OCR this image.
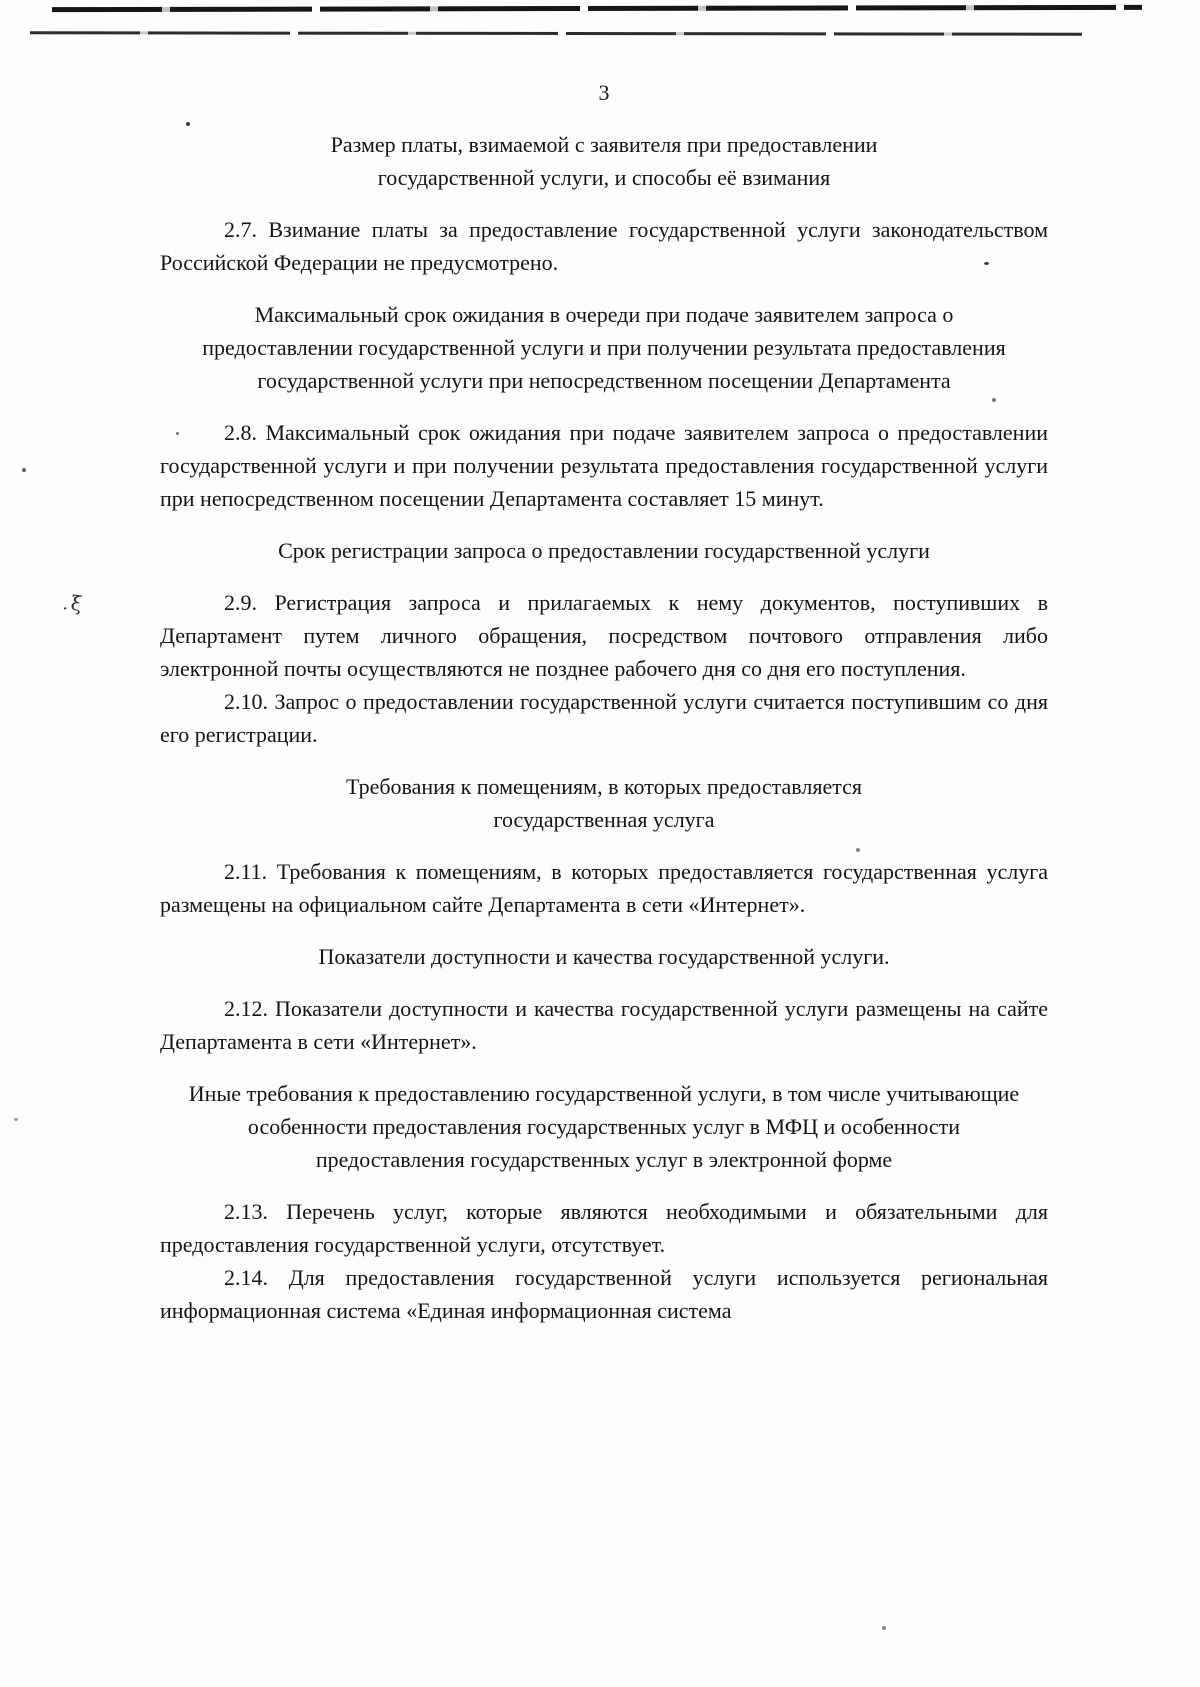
ξ
̇
3
Размер платы, взимаемой с заявителя при предоставлении государственной услуги, и способы её взимания

2.7. Взимание платы за предоставление государственной услуги законодательством Российской Федерации не предусмотрено.

Максимальный срок ожидания в очереди при подаче заявителем запроса о предоставлении государственной услуги и при получении результата предоставления государственной услуги при непосредственном посещении Департамента

2.8. Максимальный срок ожидания при подаче заявителем запроса о предоставлении государственной услуги и при получении результата предоставления государственной услуги при непосредственном посещении Департамента составляет 15 минут.

Срок регистрации запроса о предоставлении государственной услуги

2.9. Регистрация запроса и прилагаемых к нему документов, поступивших в Департамент путем личного обращения, посредством почтового отправления либо электронной почты осуществляются не позднее рабочего дня со дня его поступления.

2.10. Запрос о предоставлении государственной услуги считается поступившим со дня его регистрации.

Требования к помещениям, в которых предоставляется государственная услуга

2.11. Требования к помещениям, в которых предоставляется государственная услуга размещены на официальном сайте Департамента в сети «Интернет».

Показатели доступности и качества государственной услуги.

2.12. Показатели доступности и качества государственной услуги размещены на сайте Департамента в сети «Интернет».

Иные требования к предоставлению государственной услуги, в том числе учитывающие особенности предоставления государственных услуг в МФЦ и особенности предоставления государственных услуг в электронной форме

2.13. Перечень услуг, которые являются необходимыми и обязательными для предоставления государственной услуги, отсутствует.

2.14. Для предоставления государственной услуги используется региональная информационная система «Единая информационная система
